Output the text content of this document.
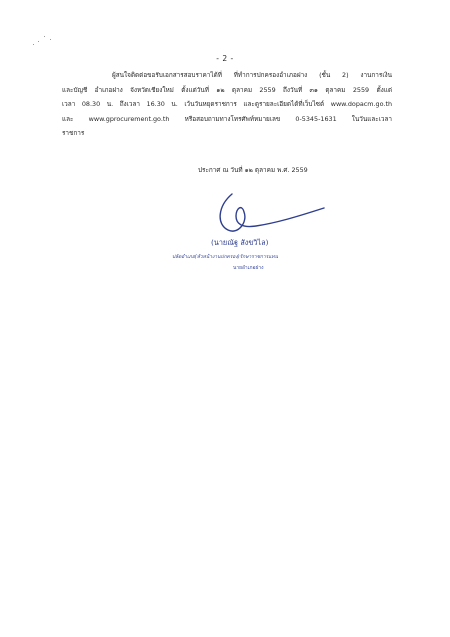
- 2 -
ผู้สนใจติดต่อขอรับเอกสารสอบราคาได้ที่ ที่ทำการปกครองอำเภอฝาง (ชั้น 2) งานการเงิน
และบัญชี อำเภอฝาง จังหวัดเชียงใหม่ ตั้งแต่วันที่ ๑๒ ตุลาคม 2559 ถึงวันที่ ๓๑ ตุลาคม 2559 ตั้งแต่
เวลา 08.30 น. ถึงเวลา 16.30 น. เว้นวันหยุดราชการ และดูรายละเอียดได้ที่เว็บไซต์ www.dopacm.go.th
และ www.gprocurement.go.th หรือสอบถามทางโทรศัพท์หมายเลข 0-5345-1631 ในวันและเวลา
ราชการ
ประกาศ ณ วันที่ ๑๒ ตุลาคม พ.ศ. 2559
(นายณัฐ สังขวิไล)
ปลัดอำเภอ(หัวหน้างานปกครอง)รักษาราชการแทน
นายอำเภอฝาง
